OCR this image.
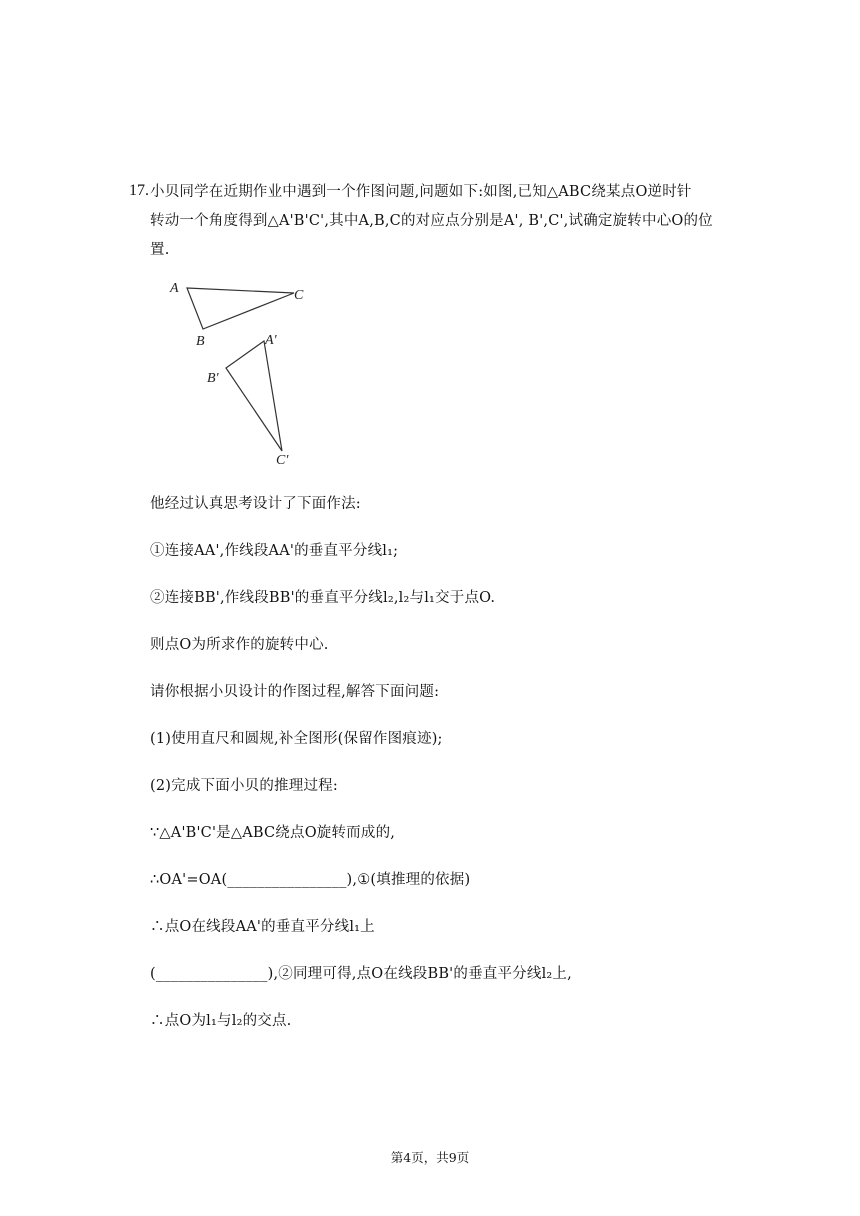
17. 小贝同学在近期作业中遇到一个作图问题,问题如下:如图,已知△ABC绕某点O逆时针
转动一个角度得到△A'B'C',其中A,B,C的对应点分别是A', B',C',试确定旋转中心O的位
置.
A	C
B	A'
B'
C'
他经过认真思考设计了下面作法:
①连接AA',作线段AA'的垂直平分线l₁;
②连接BB',作线段BB'的垂直平分线l₂,l₂与l₁交于点O.
则点O为所求作的旋转中心.
请你根据小贝设计的作图过程,解答下面问题:
(1)使用直尺和圆规,补全图形(保留作图痕迹);
(2)完成下面小贝的推理过程:
∵△A'B'C'是△ABC绕点O旋转而成的,
∴OA'=OA(________________),①(填推理的依据)
∴点O在线段AA'的垂直平分线l₁上
(_______________),②同理可得,点O在线段BB'的垂直平分线l₂上,
∴点O为l₁与l₂的交点.
第4页，共9页
